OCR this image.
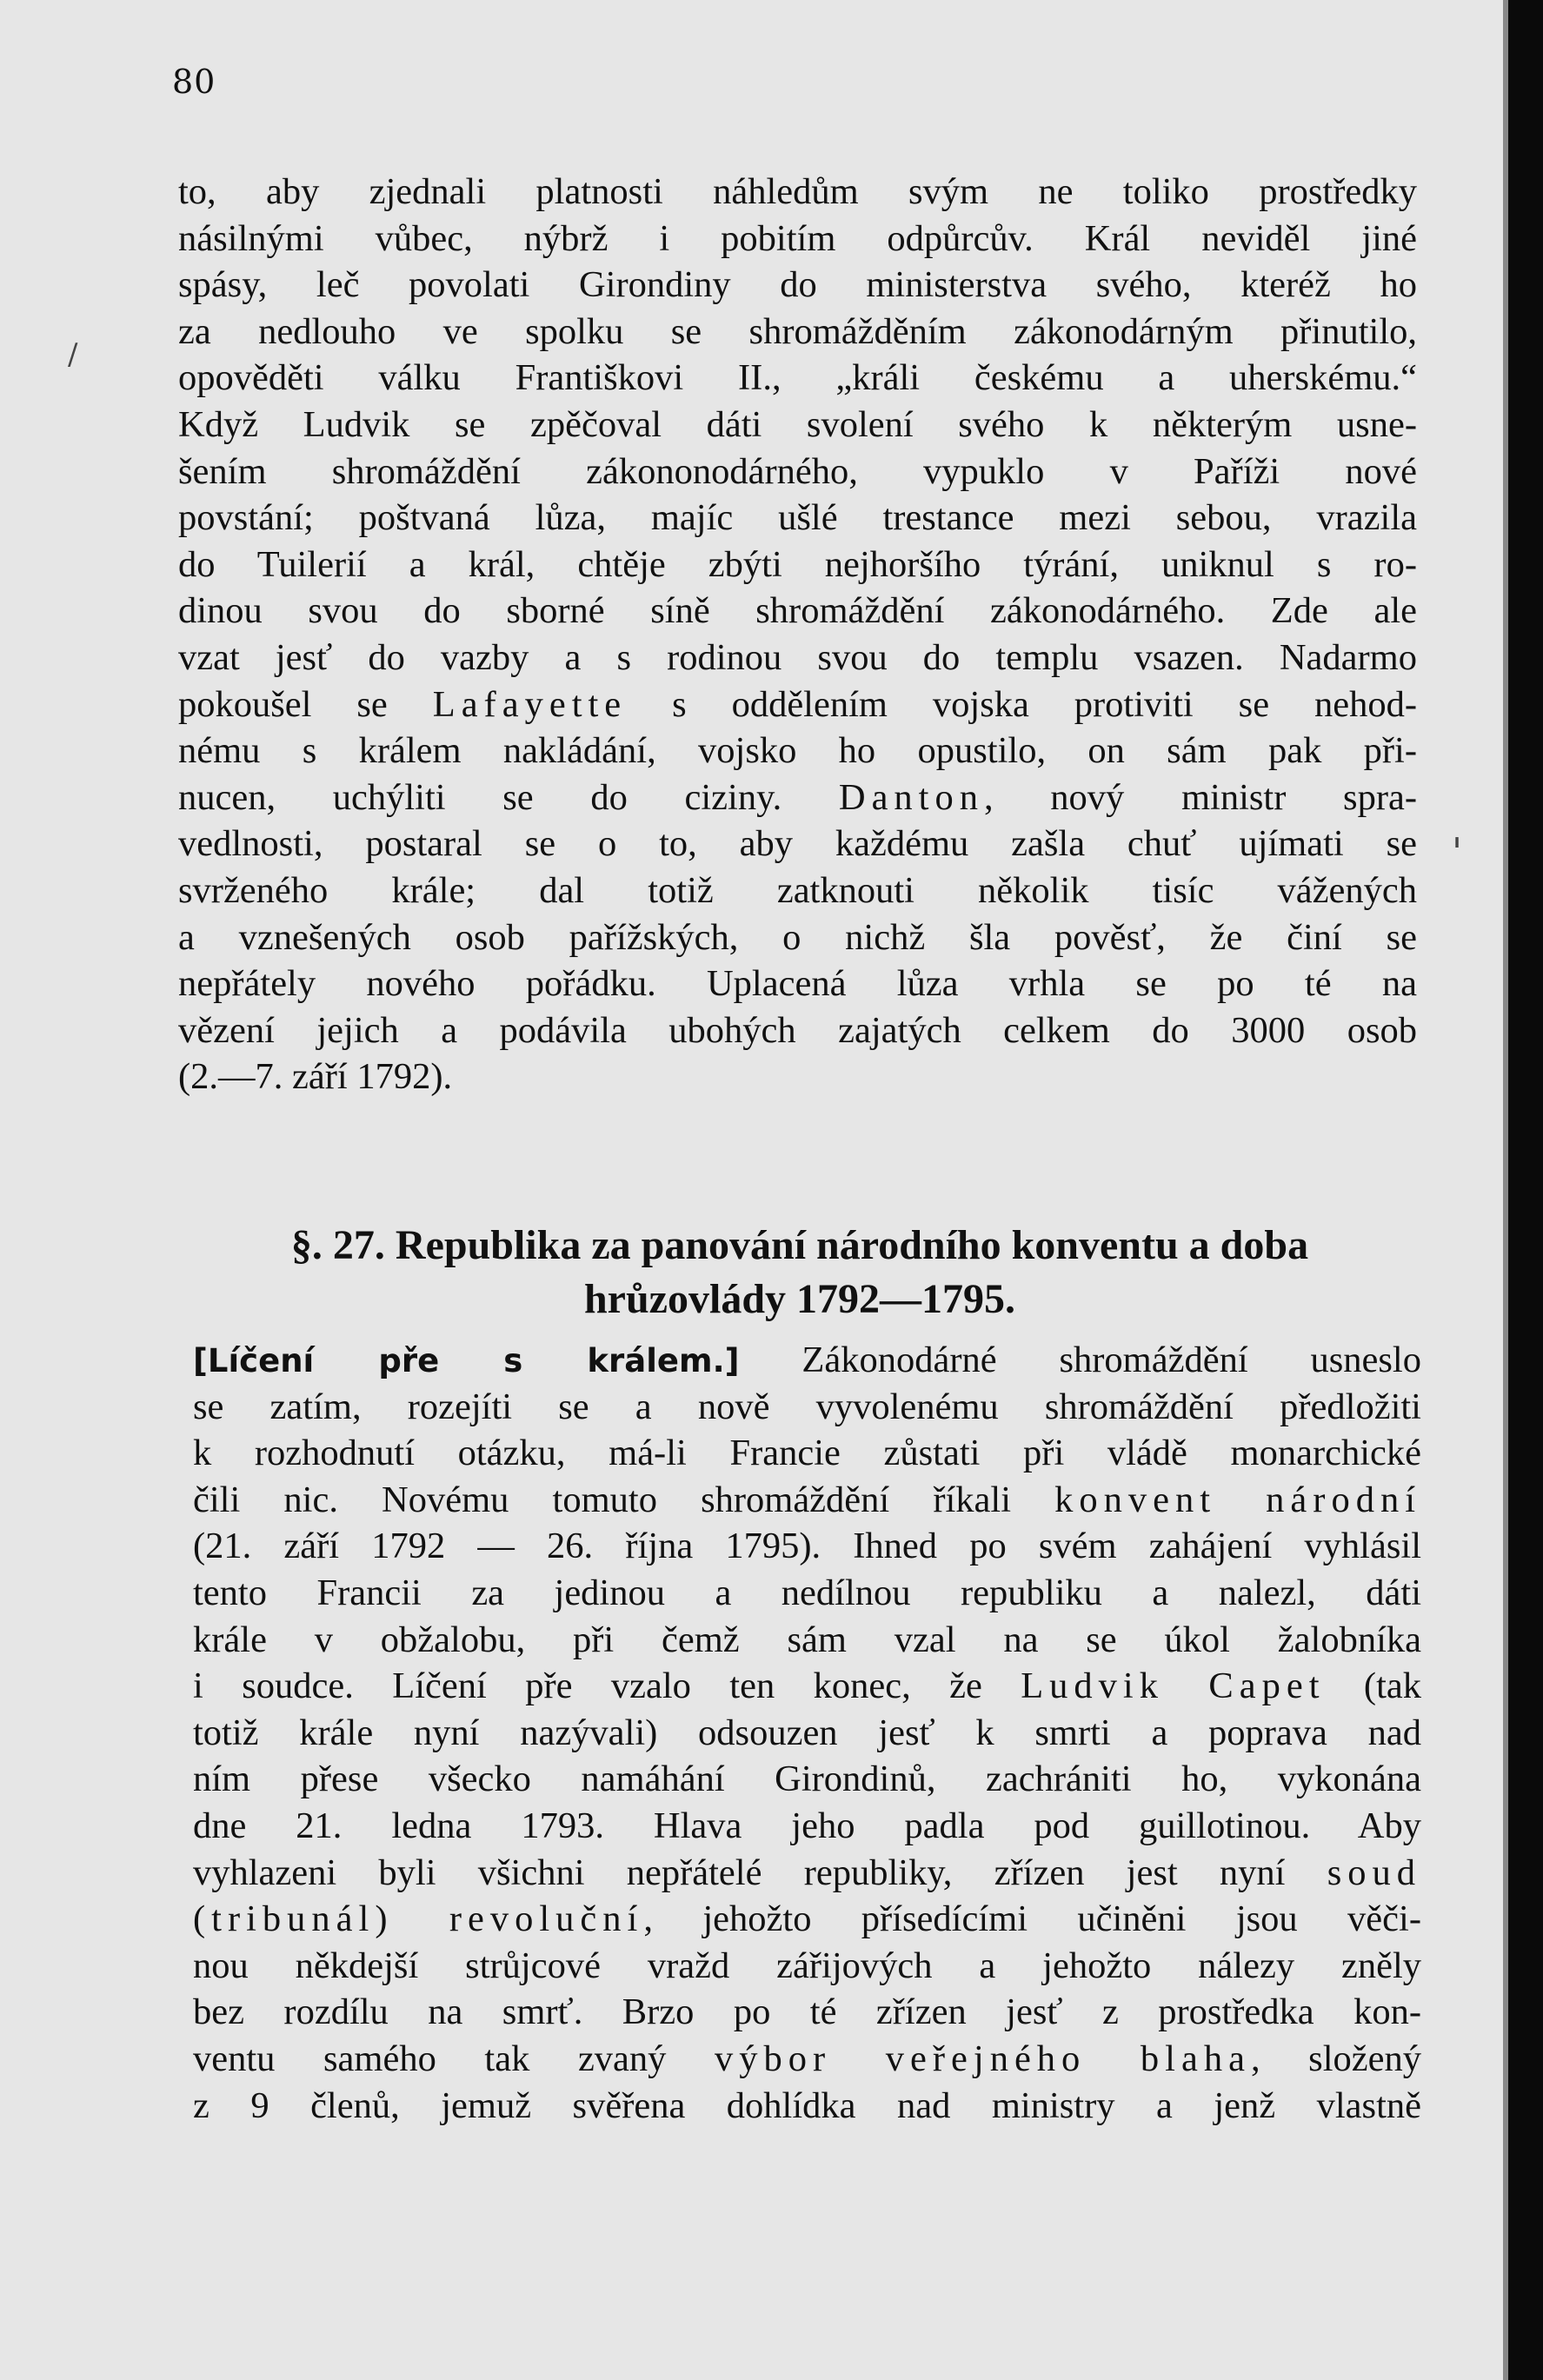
80
/
'
to, aby zjednali platnosti náhledům svým ne toliko prostředky
násilnými vůbec, nýbrž i pobitím odpůrcův. Král neviděl jiné
spásy, leč povolati Girondiny do ministerstva svého, kteréž ho
za nedlouho ve spolku se shromážděním zákonodárným přinutilo,
opověděti válku Františkovi II., „králi českému a uherskému.“
Když Ludvik se zpěčoval dáti svolení svého k některým usne-
šením shromáždění zákononodárného, vypuklo v Paříži nové
povstání; poštvaná lůza, majíc ušlé trestance mezi sebou, vrazila
do Tuilerií a král, chtěje zbýti nejhoršího týrání, uniknul s ro-
dinou svou do sborné síně shromáždění zákonodárného. Zde ale
vzat jesť do vazby a s rodinou svou do templu vsazen. Nadarmo
pokoušel se Lafayette s oddělením vojska protiviti se nehod-
nému s králem nakládání, vojsko ho opustilo, on sám pak při-
nucen, uchýliti se do ciziny. Danton, nový ministr spra-
vedlnosti, postaral se o to, aby každému zašla chuť ujímati se
svrženého krále; dal totiž zatknouti několik tisíc vážených
a vznešených osob pařížských, o nichž šla pověsť, že činí se
nepřátely nového pořádku. Uplacená lůza vrhla se po té na
vězení jejich a podávila ubohých zajatých celkem do 3000 osob
(2.—7. září 1792).
§. 27. Republika za panování národního konventu a doba
hrůzovlády 1792—1795.
[Líčení pře s králem.] Zákonodárné shromáždění usneslo
se zatím, rozejíti se a nově vyvolenému shromáždění předložiti
k rozhodnutí otázku, má-li Francie zůstati při vládě monarchické
čili nic. Novému tomuto shromáždění říkali konvent národní
(21. září 1792 — 26. října 1795). Ihned po svém zahájení vyhlásil
tento Francii za jedinou a nedílnou republiku a nalezl, dáti
krále v obžalobu, při čemž sám vzal na se úkol žalobníka
i soudce. Líčení pře vzalo ten konec, že Ludvik Capet (tak
totiž krále nyní nazývali) odsouzen jesť k smrti a poprava nad
ním přese všecko namáhání Girondinů, zachrániti ho, vykonána
dne 21. ledna 1793. Hlava jeho padla pod guillotinou. Aby
vyhlazeni byli všichni nepřátelé republiky, zřízen jest nyní soud
(tribunál) revoluční, jehožto přísedícími učiněni jsou věči-
nou někdejší strůjcové vražd zářijových a jehožto nálezy zněly
bez rozdílu na smrť. Brzo po té zřízen jesť z prostředka kon-
ventu samého tak zvaný výbor veřejného blaha, složený
z 9 členů, jemuž svěřena dohlídka nad ministry a jenž vlastně
